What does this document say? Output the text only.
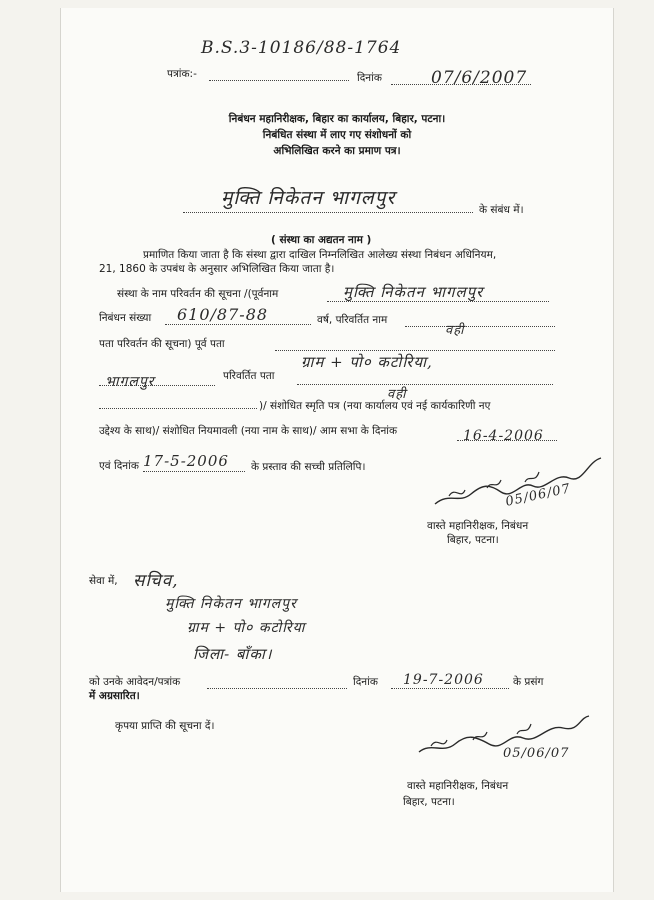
B.S.3-10186/88-1764
पत्रांक:-	दिनांक	07/6/2007
निबंधन महानिरीक्षक, बिहार का कार्यालय, बिहार, पटना।
निबंधित संस्था में लाए गए संशोधनों को
अभिलिखित करने का प्रमाण पत्र।
मुक्ति निकेतन भागलपुर
के संबंध में।
( संस्था का अद्यतन नाम )
प्रमाणित किया जाता है कि संस्था द्वारा दाखिल निम्नलिखित आलेख्य संस्था निबंधन अधिनियम,
21, 1860 के उपबंध के अनुसार अभिलिखित किया जाता है।
संस्था के नाम परिवर्तन की सूचना /(पूर्वनाम	मुक्ति निकेतन भागलपुर
निबंधन संख्या 610/87-88	वर्ष, परिवर्तित नाम
वही
पता परिवर्तन की सूचना) पूर्व पता
ग्राम + पो० कटोरिया,
भागलपुर	परिवर्तित पता
वही
)/ संशोधित स्मृति पत्र (नया कार्यालय एवं नई कार्यकारिणी नए
उद्देश्य के साथ)/ संशोधित नियमावली (नया नाम के साथ)/ आम सभा के दिनांक	16-4-2006
एवं दिनांक 17-5-2006 के प्रस्ताव की सच्ची प्रतिलिपि।
05/06/07
वास्ते महानिरीक्षक, निबंधन
बिहार, पटना।
सेवा में, सचिव,
मुक्ति निकेतन भागलपुर
ग्राम + पो० कटोरिया
जिला- बाँका।
को उनके आवेदन/पत्रांक	दिनांक 19-7-2006	के प्रसंग
में अग्रसारित।
कृपया प्राप्ति की सूचना दें।
05/06/07
वास्ते महानिरीक्षक, निबंधन
बिहार, पटना।
